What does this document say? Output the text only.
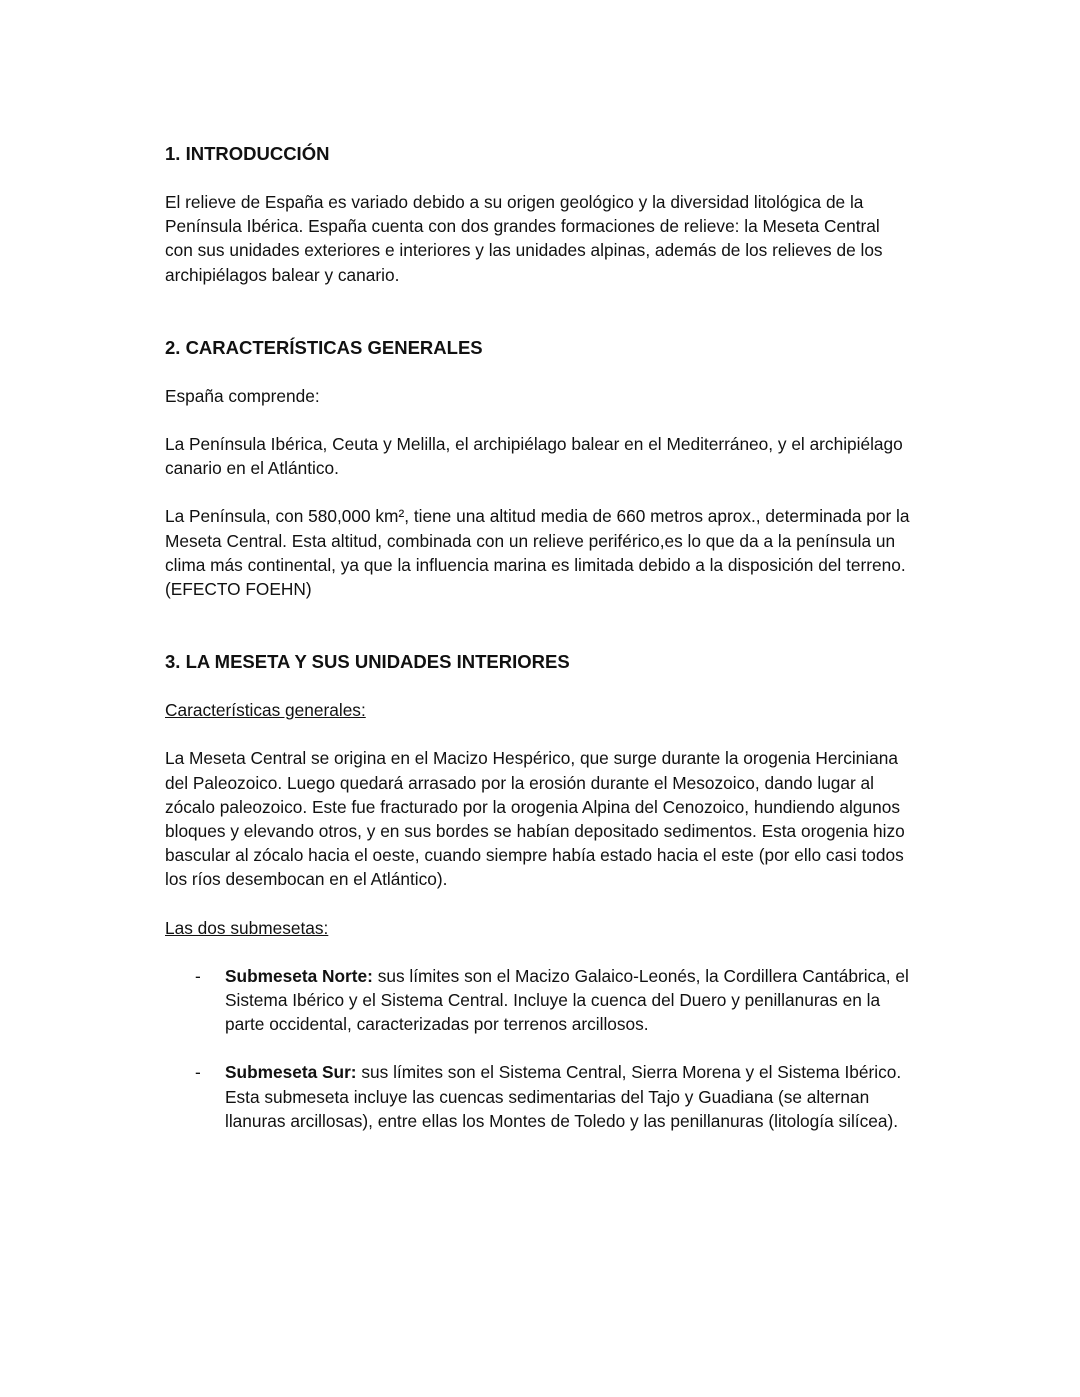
1. INTRODUCCIÓN

El relieve de España es variado debido a su origen geológico y la diversidad litológica de la Península Ibérica. España cuenta con dos grandes formaciones de relieve: la Meseta Central con sus unidades exteriores e interiores y las unidades alpinas, además de los relieves de los archipiélagos balear y canario.

2. CARACTERÍSTICAS GENERALES

España comprende:

La Península Ibérica, Ceuta y Melilla, el archipiélago balear en el Mediterráneo, y el archipiélago canario en el Atlántico.

La Península, con 580,000 km², tiene una altitud media de 660 metros aprox., determinada por la Meseta Central. Esta altitud, combinada con un relieve periférico,es lo que da a la península un clima más continental, ya que la influencia marina es limitada debido a la disposición del terreno. (EFECTO FOEHN)

3. LA MESETA Y SUS UNIDADES INTERIORES

Características generales:

La Meseta Central se origina en el Macizo Hespérico, que surge durante la orogenia Herciniana del Paleozoico. Luego quedará arrasado por la erosión durante el Mesozoico, dando lugar al zócalo paleozoico. Este fue fracturado por la orogenia Alpina del Cenozoico, hundiendo algunos bloques y elevando otros, y en sus bordes se habían depositado sedimentos. Esta orogenia hizo bascular al zócalo hacia el oeste, cuando siempre había estado hacia el este (por ello casi todos los ríos desembocan en el Atlántico).

Las dos submesetas:

- Submeseta Norte: sus límites son el Macizo Galaico-Leonés, la Cordillera Cantábrica, el Sistema Ibérico y el Sistema Central. Incluye la cuenca del Duero y penillanuras en la parte occidental, caracterizadas por terrenos arcillosos.
- Submeseta Sur: sus límites son el Sistema Central, Sierra Morena y el Sistema Ibérico. Esta submeseta incluye las cuencas sedimentarias del Tajo y Guadiana (se alternan llanuras arcillosas), entre ellas los Montes de Toledo y las penillanuras (litología silícea).
